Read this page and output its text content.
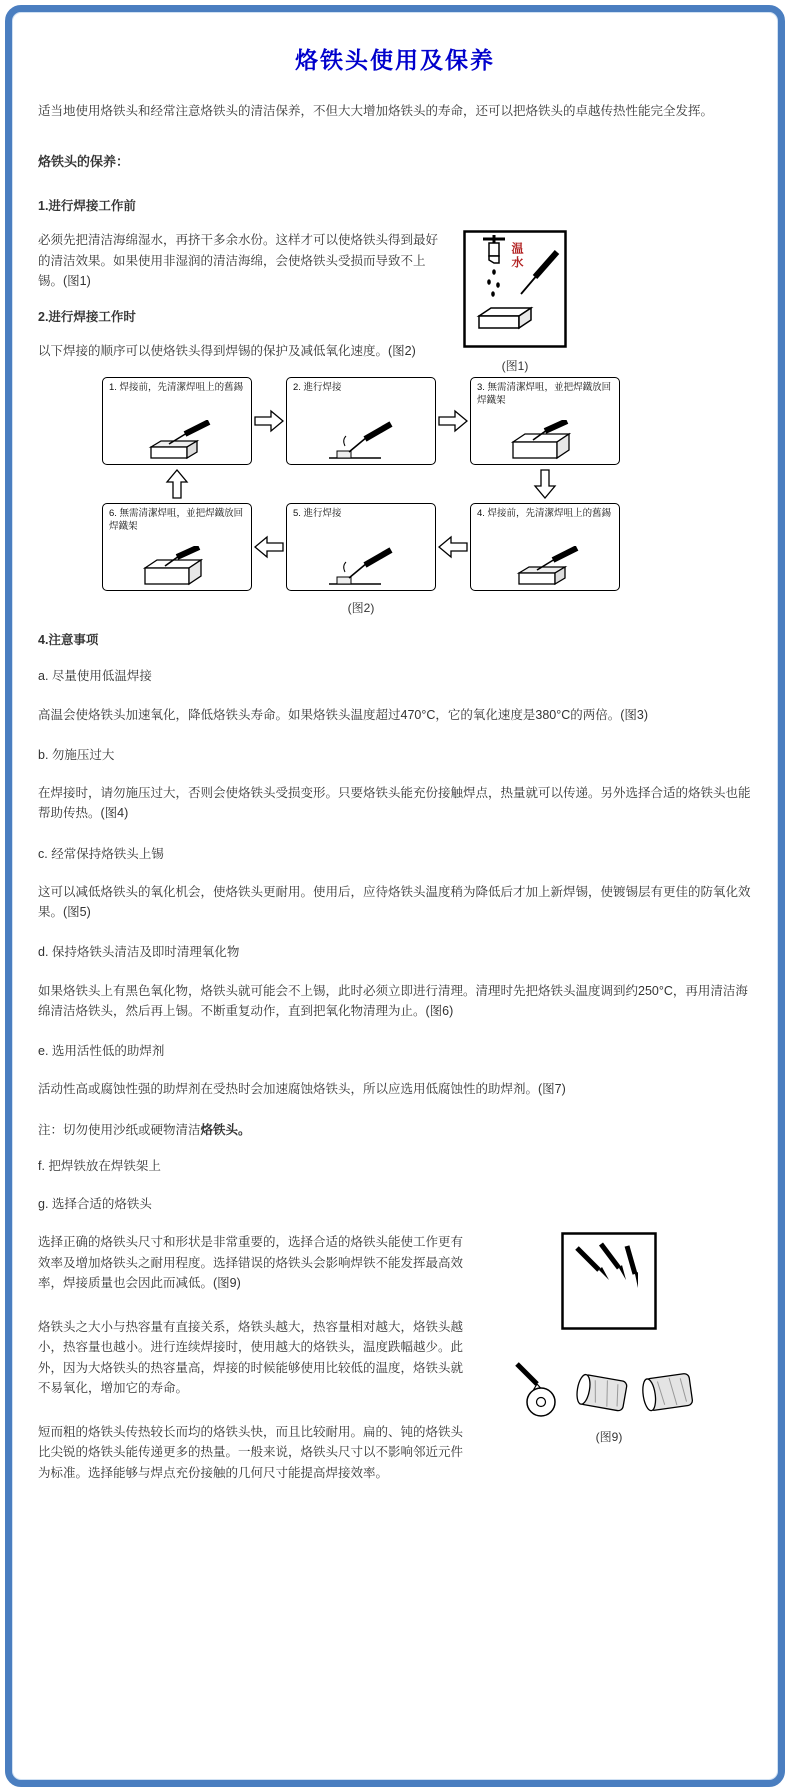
烙铁头使用及保养

适当地使用烙铁头和经常注意烙铁头的清洁保养，不但大大增加烙铁头的寿命，还可以把烙铁头的卓越传热性能完全发挥。

烙铁头的保养：
1.进行焊接工作前
温水
(图1)

必须先把清洁海绵湿水，再挤干多余水份。这样才可以使烙铁头得到最好的清洁效果。如果使用非湿润的清洁海绵，会使烙铁头受损而导致不上锡。(图1)

2.进行焊接工作时

以下焊接的顺序可以使烙铁头得到焊锡的保护及减低氧化速度。(图2)

1. 焊接前，先清潔焊咀上的舊錫	2. 進行焊接	3. 無需清潔焊咀，並把焊鐵放回焊鐵架
6. 無需清潔焊咀，並把焊鐵放回焊鐵架
5. 進行焊接	4. 焊接前，先清潔焊咀上的舊錫
(图2)
4.注意事项

a. 尽量使用低温焊接

高温会使烙铁头加速氧化，降低烙铁头寿命。如果烙铁头温度超过470°C，它的氧化速度是380°C的两倍。(图3)

b. 勿施压过大

在焊接时，请勿施压过大，否则会使烙铁头受损变形。只要烙铁头能充份接触焊点，热量就可以传递。另外选择合适的烙铁头也能帮助传热。(图4)

c. 经常保持烙铁头上锡

这可以减低烙铁头的氧化机会，使烙铁头更耐用。使用后，应待烙铁头温度稍为降低后才加上新焊锡，使镀锡层有更佳的防氧化效果。(图5)

d. 保持烙铁头清洁及即时清理氧化物

如果烙铁头上有黑色氧化物，烙铁头就可能会不上锡，此时必须立即进行清理。清理时先把烙铁头温度调到约250°C，再用清洁海绵清洁烙铁头，然后再上锡。不断重复动作，直到把氧化物清理为止。(图6)

e. 选用活性低的助焊剂

活动性高或腐蚀性强的助焊剂在受热时会加速腐蚀烙铁头，所以应选用低腐蚀性的助焊剂。(图7)

注：切勿使用沙纸或硬物清洁烙铁头。

f. 把焊铁放在焊铁架上

g. 选择合适的烙铁头

选择正确的烙铁头尺寸和形状是非常重要的，选择合适的烙铁头能使工作更有效率及增加烙铁头之耐用程度。选择错误的烙铁头会影响焊铁不能发挥最高效率，焊接质量也会因此而减低。(图9)

烙铁头之大小与热容量有直接关系，烙铁头越大，热容量相对越大，烙铁头越小，热容量也越小。进行连续焊接时，使用越大的烙铁头，温度跌幅越少。此外，因为大烙铁头的热容量高，焊接的时候能够使用比较低的温度，烙铁头就不易氧化，增加它的寿命。

短而粗的烙铁头传热较长而均的烙铁头快，而且比较耐用。扁的、钝的烙铁头比尖锐的烙铁头能传递更多的热量。一般来说，烙铁头尺寸以不影响邻近元件为标准。选择能够与焊点充份接触的几何尺寸能提高焊接效率。

(图9)
